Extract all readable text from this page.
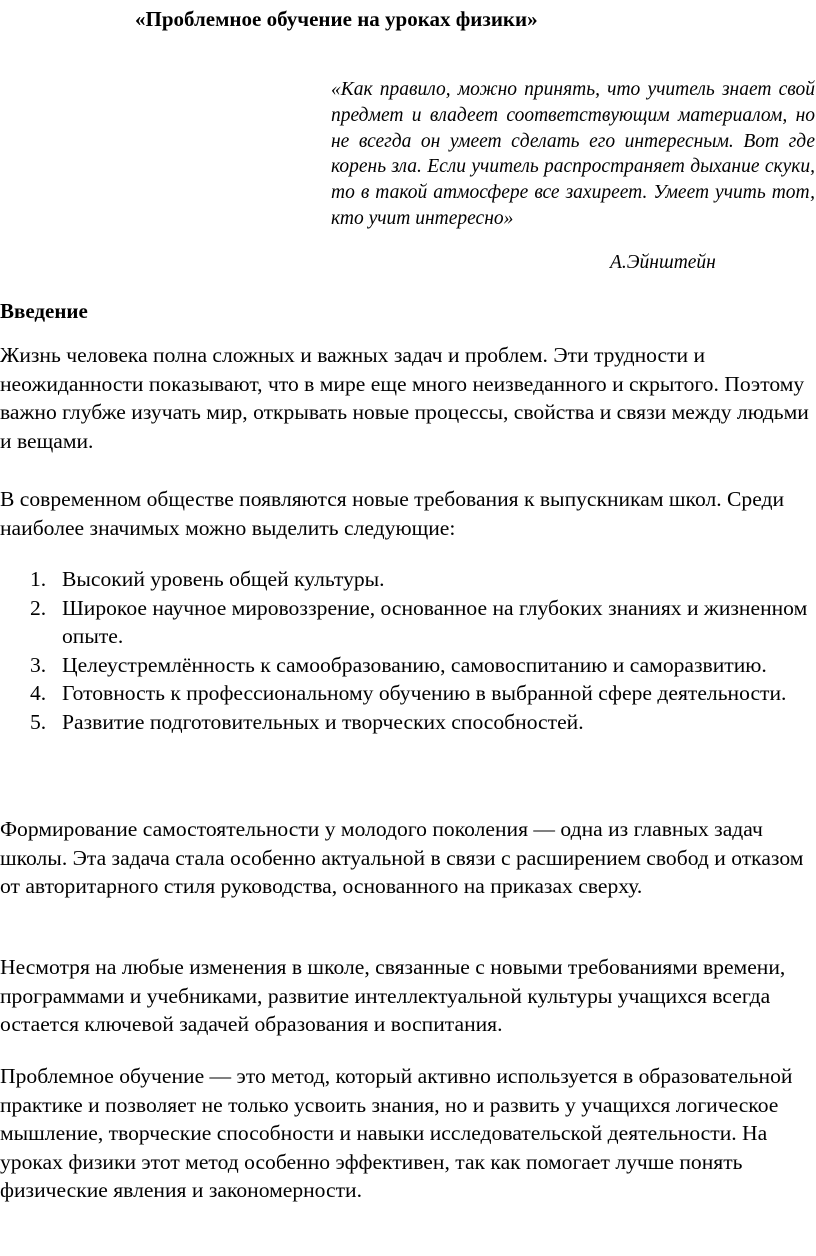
«Проблемное обучение на уроках физики»

«Как правило, можно принять, что учитель знает свой предмет и владеет соответствующим материалом, но не всегда он умеет сделать его интересным. Вот где корень зла. Если учитель распространяет дыхание скуки, то в такой атмосфере все захиреет. Умеет учить тот, кто учит интересно»

А.Эйнштейн

Введение

Жизнь человека полна сложных и важных задач и проблем. Эти трудности и неожиданности показывают, что в мире еще много неизведанного и скрытого. Поэтому важно глубже изучать мир, открывать новые процессы, свойства и связи между людьми и вещами.

В современном обществе появляются новые требования к выпускникам школ. Среди наиболее значимых можно выделить следующие:

1. Высокий уровень общей культуры.
2. Широкое научное мировоззрение, основанное на глубоких знаниях и жизненном опыте.
3. Целеустремлённость к самообразованию, самовоспитанию и саморазвитию.
4. Готовность к профессиональному обучению в выбранной сфере деятельности.
5. Развитие подготовительных и творческих способностей.

Формирование самостоятельности у молодого поколения — одна из главных задач школы. Эта задача стала особенно актуальной в связи с расширением свобод и отказом от авторитарного стиля руководства, основанного на приказах сверху.

Несмотря на любые изменения в школе, связанные с новыми требованиями времени, программами и учебниками, развитие интеллектуальной культуры учащихся всегда остается ключевой задачей образования и воспитания.

Проблемное обучение — это метод, который активно используется в образовательной практике и позволяет не только усвоить знания, но и развить у учащихся логическое мышление, творческие способности и навыки исследовательской деятельности. На уроках физики этот метод особенно эффективен, так как помогает лучше понять физические явления и закономерности.
